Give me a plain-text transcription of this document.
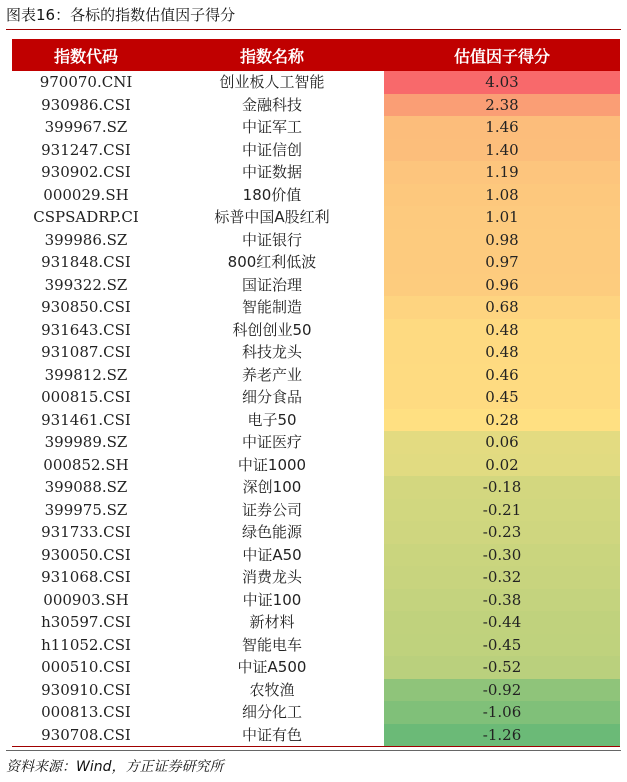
图表16：各标的指数估值因子得分
指数代码	指数名称	估值因子得分
970070.CNI	创业板人工智能	4.03
930986.CSI	金融科技	2.38
399967.SZ	中证军工	1.46
931247.CSI	中证信创	1.40
930902.CSI	中证数据	1.19
000029.SH	180价值	1.08
CSPSADRP.CI	标普中国A股红利	1.01
399986.SZ	中证银行	0.98
931848.CSI	800红利低波	0.97
399322.SZ	国证治理	0.96
930850.CSI	智能制造	0.68
931643.CSI	科创创业50	0.48
931087.CSI	科技龙头	0.48
399812.SZ	养老产业	0.46
000815.CSI	细分食品	0.45
931461.CSI	电子50	0.28
399989.SZ	中证医疗	0.06
000852.SH	中证1000	0.02
399088.SZ	深创100	-0.18
399975.SZ	证券公司	-0.21
931733.CSI	绿色能源	-0.23
930050.CSI	中证A50	-0.30
931068.CSI	消费龙头	-0.32
000903.SH	中证100	-0.38
h30597.CSI	新材料	-0.44
h11052.CSI	智能电车	-0.45
000510.CSI	中证A500	-0.52
930910.CSI	农牧渔	-0.92
000813.CSI	细分化工	-1.06
930708.CSI	中证有色	-1.26
资料来源：Wind，方正证券研究所
